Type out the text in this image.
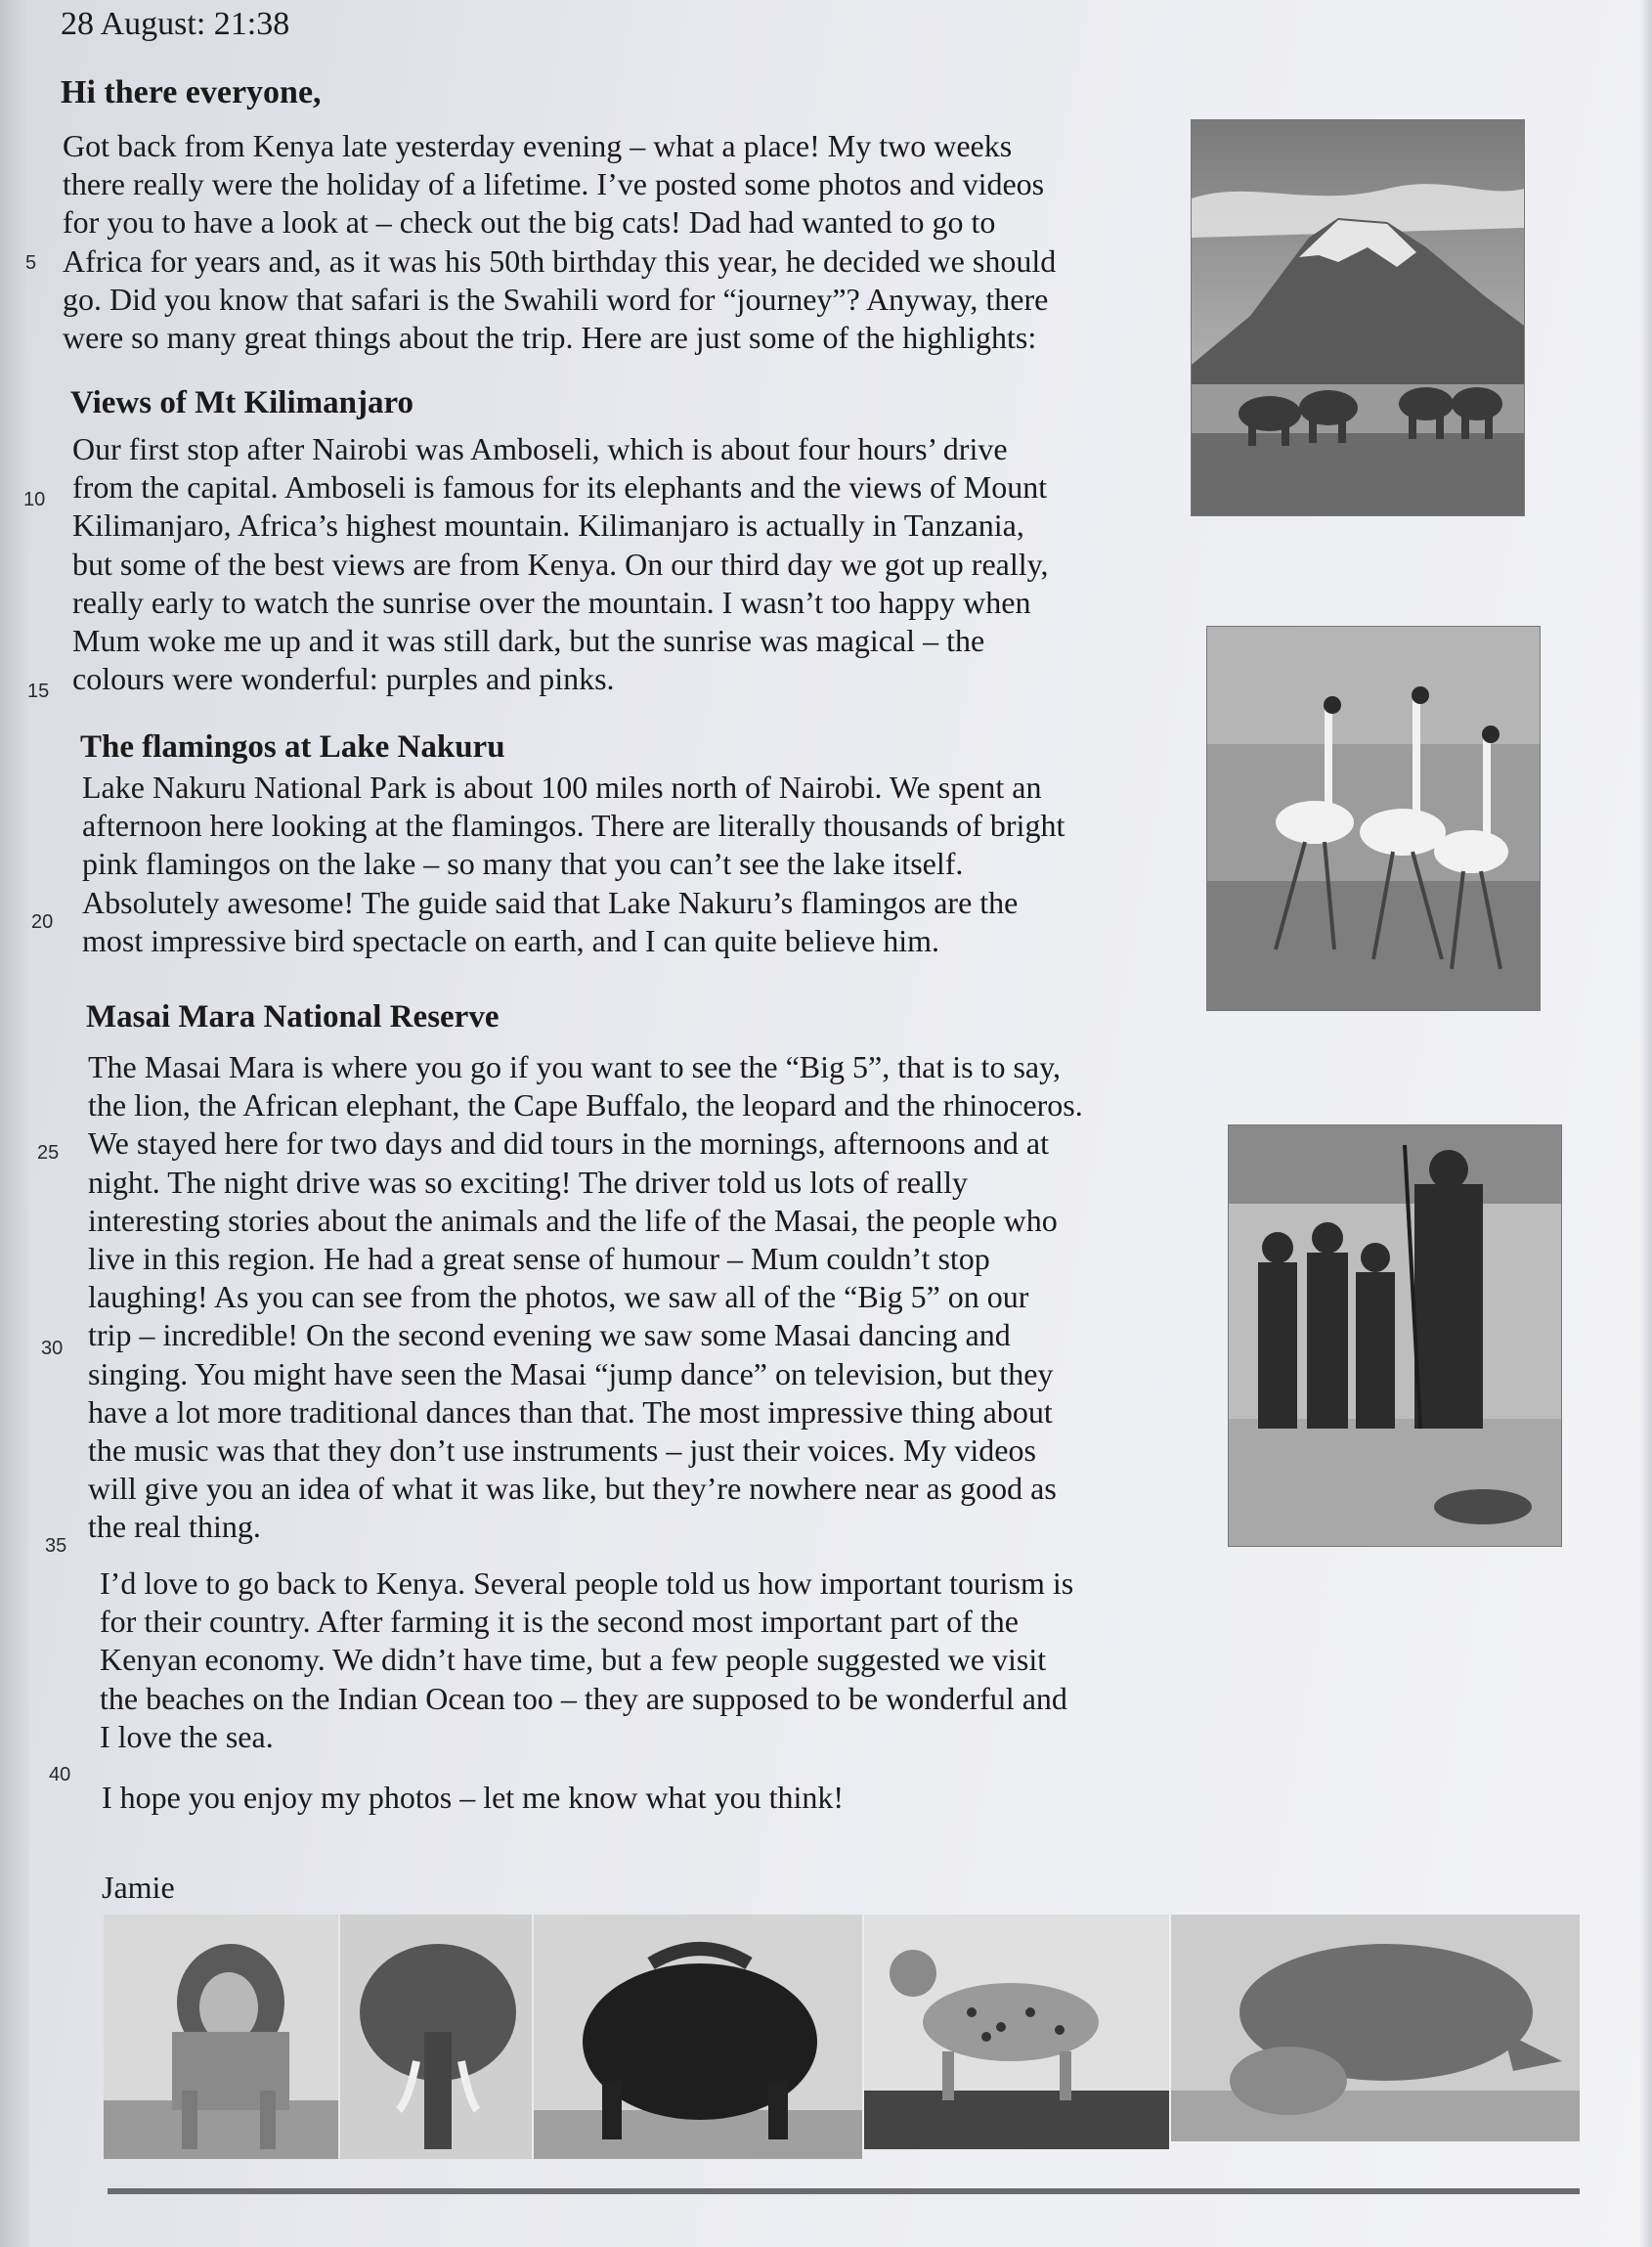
28 August: 21:38
Hi there everyone,

Got back from Kenya late yesterday evening – what a place! My two weeks
there really were the holiday of a lifetime. I’ve posted some photos and videos
for you to have a look at – check out the big cats! Dad had wanted to go to
Africa for years and, as it was his 50th birthday this year, he decided we should
go. Did you know that safari is the Swahili word for “journey”? Anyway, there
were so many great things about the trip. Here are just some of the highlights:

Views of Mt Kilimanjaro

Our first stop after Nairobi was Amboseli, which is about four hours’ drive
from the capital. Amboseli is famous for its elephants and the views of Mount
Kilimanjaro, Africa’s highest mountain. Kilimanjaro is actually in Tanzania,
but some of the best views are from Kenya. On our third day we got up really,
really early to watch the sunrise over the mountain. I wasn’t too happy when
Mum woke me up and it was still dark, but the sunrise was magical – the
colours were wonderful: purples and pinks.

The flamingos at Lake Nakuru

Lake Nakuru National Park is about 100 miles north of Nairobi. We spent an
afternoon here looking at the flamingos. There are literally thousands of bright
pink flamingos on the lake – so many that you can’t see the lake itself.
Absolutely awesome! The guide said that Lake Nakuru’s flamingos are the
most impressive bird spectacle on earth, and I can quite believe him.

Masai Mara National Reserve

The Masai Mara is where you go if you want to see the “Big 5”, that is to say,
the lion, the African elephant, the Cape Buffalo, the leopard and the rhinoceros.
We stayed here for two days and did tours in the mornings, afternoons and at
night. The night drive was so exciting! The driver told us lots of really
interesting stories about the animals and the life of the Masai, the people who
live in this region. He had a great sense of humour – Mum couldn’t stop
laughing! As you can see from the photos, we saw all of the “Big 5” on our
trip – incredible! On the second evening we saw some Masai dancing and
singing. You might have seen the Masai “jump dance” on television, but they
have a lot more traditional dances than that. The most impressive thing about
the music was that they don’t use instruments – just their voices. My videos
will give you an idea of what it was like, but they’re nowhere near as good as
the real thing.

I’d love to go back to Kenya. Several people told us how important tourism is
for their country. After farming it is the second most important part of the
Kenyan economy. We didn’t have time, but a few people suggested we visit
the beaches on the Indian Ocean too – they are supposed to be wonderful and
I love the sea.

I hope you enjoy my photos – let me know what you think!
Jamie
5
10
15
20
25
30
35
40
